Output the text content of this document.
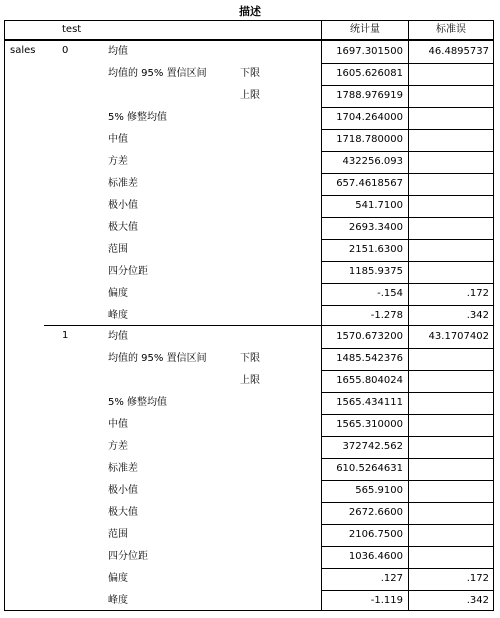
描述
test	统计量	标准误
sales	0	均值	1697.301500	46.4895737
均值的 95% 置信区间	下限	1605.626081
上限	1788.976919
5% 修整均值	1704.264000
中值	1718.780000
方差	432256.093
标准差	657.4618567
极小值	541.7100
极大值	2693.3400
范围	2151.6300
四分位距	1185.9375
偏度	-.154	.172
峰度	-1.278	.342
1	均值	1570.673200	43.1707402
均值的 95% 置信区间	下限	1485.542376
上限	1655.804024
5% 修整均值	1565.434111
中值	1565.310000
方差	372742.562
标准差	610.5264631
极小值	565.9100
极大值	2672.6600
范围	2106.7500
四分位距	1036.4600
偏度	.127	.172
峰度	-1.119	.342
